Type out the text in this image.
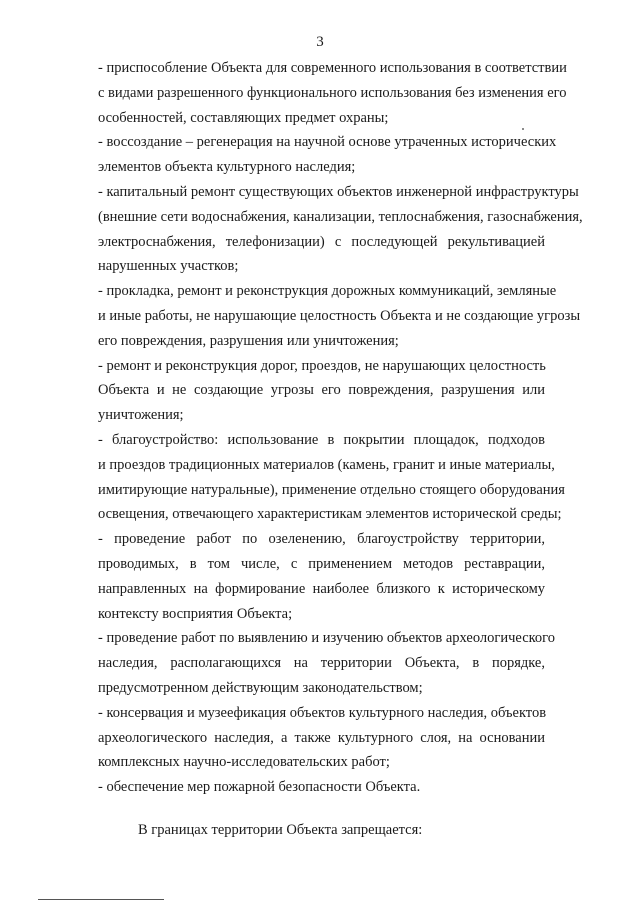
3
- приспособление Объекта для современного использования в соответствии
с видами разрешенного функционального использования без изменения его
особенностей, составляющих предмет охраны;
- воссоздание – регенерация на научной основе утраченных исторических
элементов объекта культурного наследия;
- капитальный ремонт существующих объектов инженерной инфраструктуры
(внешние сети водоснабжения, канализации, теплоснабжения, газоснабжения,
электроснабжения, телефонизации) с последующей рекультивацией
нарушенных участков;
- прокладка, ремонт и реконструкция дорожных коммуникаций, земляные
и иные работы, не нарушающие целостность Объекта и не создающие угрозы
его повреждения, разрушения или уничтожения;
- ремонт и реконструкция дорог, проездов, не нарушающих целостность
Объекта и не создающие угрозы его повреждения, разрушения или
уничтожения;
- благоустройство: использование в покрытии площадок, подходов
и проездов традиционных материалов (камень, гранит и иные материалы,
имитирующие натуральные), применение отдельно стоящего оборудования
освещения, отвечающего характеристикам элементов исторической среды;
- проведение работ по озеленению, благоустройству территории,
проводимых, в том числе, с применением методов реставрации,
направленных на формирование наиболее близкого к историческому
контексту восприятия Объекта;
- проведение работ по выявлению и изучению объектов археологического
наследия, располагающихся на территории Объекта, в порядке,
предусмотренном действующим законодательством;
- консервация и музеефикация объектов культурного наследия, объектов
археологического наследия, а также культурного слоя, на основании
комплексных научно-исследовательских работ;
- обеспечение мер пожарной безопасности Объекта.
В границах территории Объекта запрещается:
